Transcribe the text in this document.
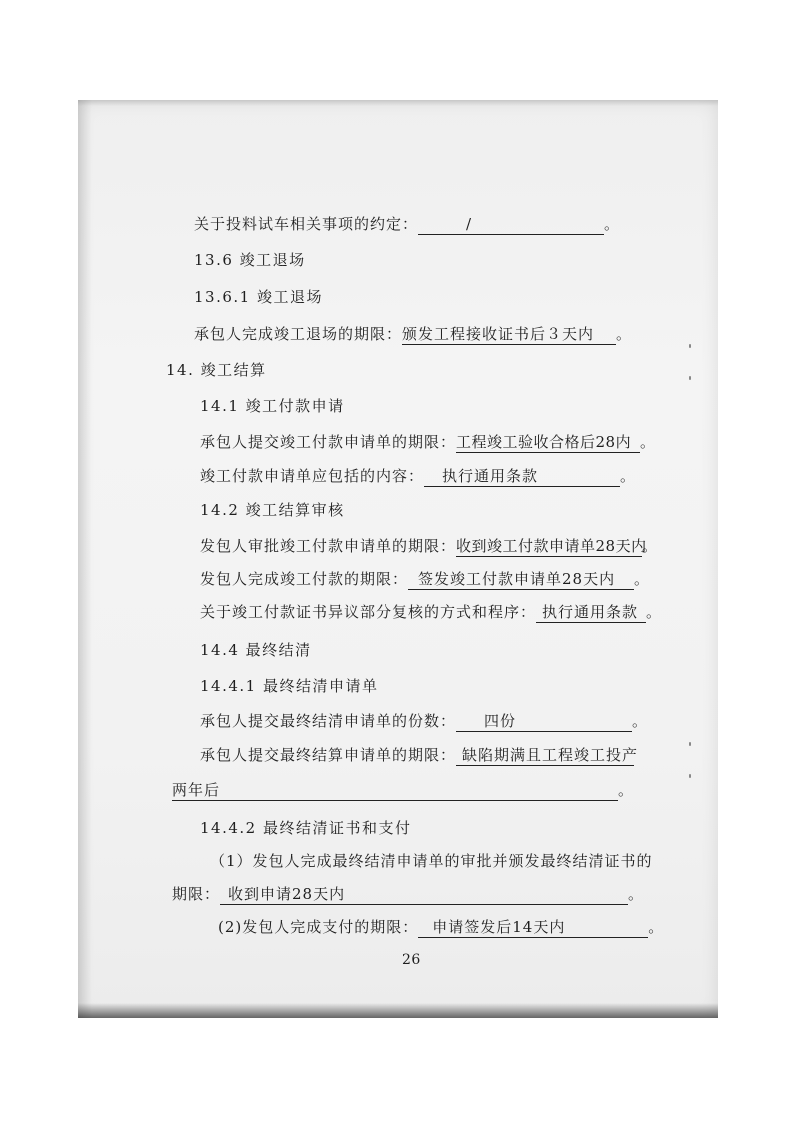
关于投料试车相关事项的约定：	/	。
13.6 竣工退场
13.6.1 竣工退场
承包人完成竣工退场的期限：颁发工程接收证书后３天内 。
14. 竣工结算
14.1 竣工付款申请
承包人提交竣工付款申请单的期限：工程竣工验收合格后28内 。
竣工付款申请单应包括的内容： 执行通用条款	。
14.2 竣工结算审核
发包人审批竣工付款申请单的期限：收到竣工付款申请单28天内。
发包人完成竣工付款的期限： 签发竣工付款申请单28天内 。
关于竣工付款证书异议部分复核的方式和程序： 执行通用条款 。
14.4 最终结清
14.4.1 最终结清申请单
承包人提交最终结清申请单的份数： 四份	。
承包人提交最终结算申请单的期限： 缺陷期满且工程竣工投产
两年后	。
14.4.2 最终结清证书和支付
（1）发包人完成最终结清申请单的审批并颁发最终结清证书的
期限： 收到申请28天内	。
(2)发包人完成支付的期限： 申请签发后14天内	。
26
